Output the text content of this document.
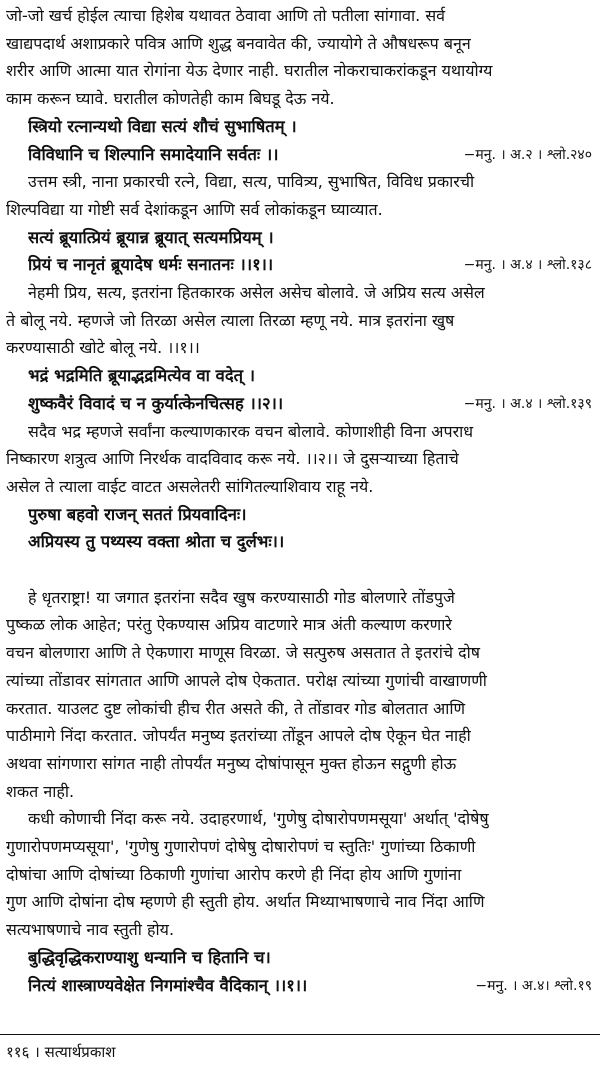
जो-जो खर्च होईल त्याचा हिशेब यथावत ठेवावा आणि तो पतीला सांगावा. सर्व
खाद्यपदार्थ अशाप्रकारे पवित्र आणि शुद्ध बनवावेत की, ज्यायोगे ते औषधरूप बनून
शरीर आणि आत्मा यात रोगांना येऊ देणार नाही. घरातील नोकराचाकरांकडून यथायोग्य
काम करून घ्यावे. घरातील कोणतेही काम बिघडू देऊ नये.
स्त्रियो रत्नान्यथो विद्या सत्यं शौचं सुभाषितम् ।
विविधानि च शिल्पानि समादेयानि सर्वतः ।।	−मनु. । अ.२ । श्लो.२४०
उत्तम स्त्री, नाना प्रकारची रत्ने, विद्या, सत्य, पावित्र्य, सुभाषित, विविध प्रकारची
शिल्पविद्या या गोष्टी सर्व देशांकडून आणि सर्व लोकांकडून घ्याव्यात.
सत्यं ब्रूयात्प्रियं ब्रूयान्न ब्रूयात् सत्यमप्रियम् ।
प्रियं च नानृतं ब्रूयादेष धर्मः सनातनः ।।१।।	−मनु. । अ.४ । श्लो.१३८
नेहमी प्रिय, सत्य, इतरांना हितकारक असेल असेच बोलावे. जे अप्रिय सत्य असेल
ते बोलू नये. म्हणजे जो तिरळा असेल त्याला तिरळा म्हणू नये. मात्र इतरांना खुष
करण्यासाठी खोटे बोलू नये. ।।१।।
भद्रं भद्रमिति ब्रूयाद्भद्रमित्येव वा वदेत् ।
शुष्कवैरं विवादं च न कुर्यात्केनचित्सह ।।२।।	−मनु. । अ.४ । श्लो.१३९
सदैव भद्र म्हणजे सर्वांना कल्याणकारक वचन बोलावे. कोणाशीही विना अपराध
निष्कारण शत्रुत्व आणि निरर्थक वादविवाद करू नये. ।।२।। जे दुसऱ्याच्या हिताचे
असेल ते त्याला वाईट वाटत असलेतरी सांगितल्याशिवाय राहू नये.
पुरुषा बहवो राजन् सततं प्रियवादिनः।
अप्रियस्य तु पथ्यस्य वक्ता श्रोता च दुर्लभः।।
हे धृतराष्ट्रा! या जगात इतरांना सदैव खुष करण्यासाठी गोड बोलणारे तोंडपुजे
पुष्कळ लोक आहेत; परंतु ऐकण्यास अप्रिय वाटणारे मात्र अंती कल्याण करणारे
वचन बोलणारा आणि ते ऐकणारा माणूस विरळा. जे सत्पुरुष असतात ते इतरांचे दोष
त्यांच्या तोंडावर सांगतात आणि आपले दोष ऐकतात. परोक्ष त्यांच्या गुणांची वाखाणणी
करतात. याउलट दुष्ट लोकांची हीच रीत असते की, ते तोंडावर गोड बोलतात आणि
पाठीमागे निंदा करतात. जोपर्यंत मनुष्य इतरांच्या तोंडून आपले दोष ऐकून घेत नाही
अथवा सांगणारा सांगत नाही तोपर्यंत मनुष्य दोषांपासून मुक्त होऊन सद्गुणी होऊ
शकत नाही.
कधी कोणाची निंदा करू नये. उदाहरणार्थ, 'गुणेषु दोषारोपणमसूया' अर्थात् 'दोषेषु
गुणारोपणमप्यसूया', 'गुणेषु गुणारोपणं दोषेषु दोषारोपणं च स्तुतिः' गुणांच्या ठिकाणी
दोषांचा आणि दोषांच्या ठिकाणी गुणांचा आरोप करणे ही निंदा होय आणि गुणांना
गुण आणि दोषांना दोष म्हणणे ही स्तुती होय. अर्थात मिथ्याभाषणाचे नाव निंदा आणि
सत्यभाषणाचे नाव स्तुती होय.
बुद्धिवृद्धिकराण्याशु धन्यानि च हितानि च।
नित्यं शास्त्राण्यवेक्षेत निगमांश्चैव वैदिकान् ।।१।।	−मनु. । अ.४। श्लो.१९
११६ । सत्यार्थप्रकाश
